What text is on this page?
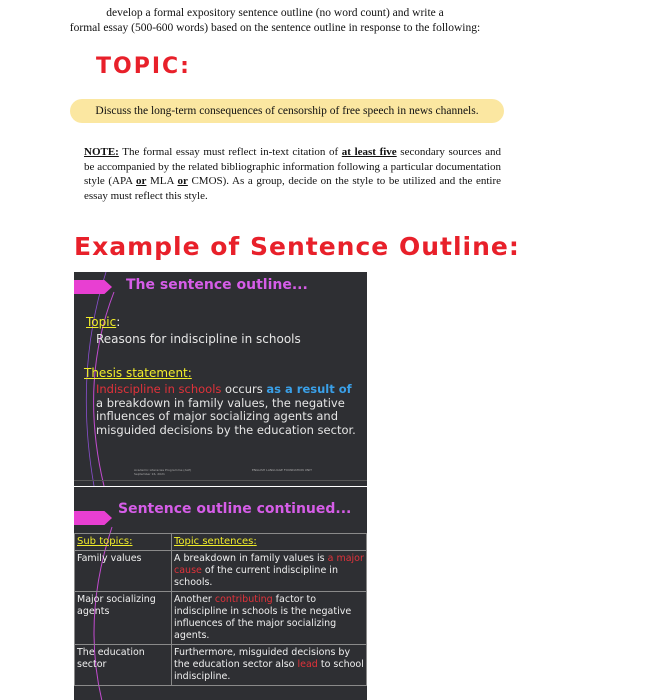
develop a formal expository sentence outline (no word count) and write a
formal essay (500-600 words) based on the sentence outline in response to the following:
TOPIC:
Discuss the long-term consequences of censorship of free speech in news channels.
NOTE: The formal essay must reflect in-text citation of at least five secondary sources and be accompanied by the related bibliographic information following a particular documentation style (APA or MLA or CMOS). As a group, decide on the style to be utilized and the entire essay must reflect this style.
Example of Sentence Outline:
The sentence outline...
Topic:
Reasons for indiscipline in schools
Thesis statement:
Indiscipline in schools occurs as a result of a breakdown in family values, the negative influences of major socializing agents and misguided decisions by the education sector.
Academic Literacies Programme (ALP) September 16, 2021
ENGLISH LANGUAGE FOUNDATION UNIT
Sentence outline continued...
Sub topics:	Topic sentences:
Family values	A breakdown in family values is a major cause of the current indiscipline in schools.
Major socializing agents	Another contributing factor to indiscipline in schools is the negative influences of the major socializing agents.
The education sector	Furthermore, misguided decisions by the education sector also lead to school indiscipline.
